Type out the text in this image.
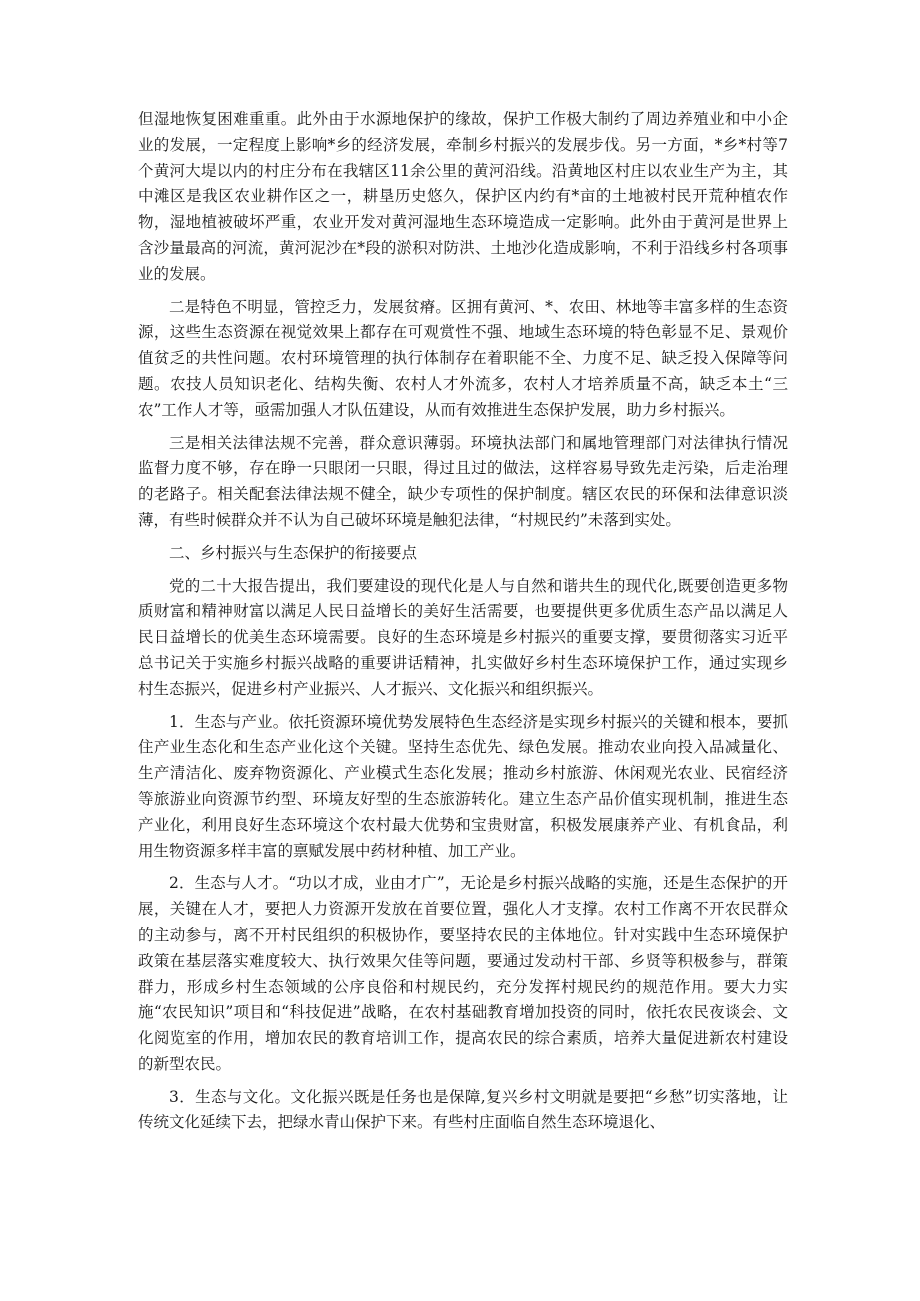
但湿地恢复困难重重。此外由于水源地保护的缘故，保护工作极大制约了周边养殖业和中小企业的发展，一定程度上影响*乡的经济发展，牵制乡村振兴的发展步伐。另一方面，*乡*村等7个黄河大堤以内的村庄分布在我辖区11余公里的黄河沿线。沿黄地区村庄以农业生产为主，其中滩区是我区农业耕作区之一，耕垦历史悠久，保护区内约有*亩的土地被村民开荒种植农作物，湿地植被破坏严重，农业开发对黄河湿地生态环境造成一定影响。此外由于黄河是世界上含沙量最高的河流，黄河泥沙在*段的淤积对防洪、土地沙化造成影响，不利于沿线乡村各项事业的发展。

二是特色不明显，管控乏力，发展贫瘠。区拥有黄河、*、农田、林地等丰富多样的生态资源，这些生态资源在视觉效果上都存在可观赏性不强、地域生态环境的特色彰显不足、景观价值贫乏的共性问题。农村环境管理的执行体制存在着职能不全、力度不足、缺乏投入保障等问题。农技人员知识老化、结构失衡、农村人才外流多，农村人才培养质量不高，缺乏本土“三农”工作人才等，亟需加强人才队伍建设，从而有效推进生态保护发展，助力乡村振兴。

三是相关法律法规不完善，群众意识薄弱。环境执法部门和属地管理部门对法律执行情况监督力度不够，存在睁一只眼闭一只眼，得过且过的做法，这样容易导致先走污染，后走治理的老路子。相关配套法律法规不健全，缺少专项性的保护制度。辖区农民的环保和法律意识淡薄，有些时候群众并不认为自己破坏环境是触犯法律，“村规民约”未落到实处。

二、乡村振兴与生态保护的衔接要点

党的二十大报告提出，我们要建设的现代化是人与自然和谐共生的现代化,既要创造更多物质财富和精神财富以满足人民日益增长的美好生活需要，也要提供更多优质生态产品以满足人民日益增长的优美生态环境需要。良好的生态环境是乡村振兴的重要支撑，要贯彻落实习近平总书记关于实施乡村振兴战略的重要讲话精神，扎实做好乡村生态环境保护工作，通过实现乡村生态振兴，促进乡村产业振兴、人才振兴、文化振兴和组织振兴。

1．生态与产业。依托资源环境优势发展特色生态经济是实现乡村振兴的关键和根本，要抓住产业生态化和生态产业化这个关键。坚持生态优先、绿色发展。推动农业向投入品减量化、生产清洁化、废弃物资源化、产业模式生态化发展；推动乡村旅游、休闲观光农业、民宿经济等旅游业向资源节约型、环境友好型的生态旅游转化。建立生态产品价值实现机制，推进生态产业化，利用良好生态环境这个农村最大优势和宝贵财富，积极发展康养产业、有机食品，利用生物资源多样丰富的禀赋发展中药材种植、加工产业。

2．生态与人才。“功以才成，业由才广”，无论是乡村振兴战略的实施，还是生态保护的开展，关键在人才，要把人力资源开发放在首要位置，强化人才支撑。农村工作离不开农民群众的主动参与，离不开村民组织的积极协作，要坚持农民的主体地位。针对实践中生态环境保护政策在基层落实难度较大、执行效果欠佳等问题，要通过发动村干部、乡贤等积极参与，群策群力，形成乡村生态领域的公序良俗和村规民约，充分发挥村规民约的规范作用。要大力实施“农民知识”项目和“科技促进”战略，在农村基础教育增加投资的同时，依托农民夜谈会、文化阅览室的作用，增加农民的教育培训工作，提高农民的综合素质，培养大量促进新农村建设的新型农民。

3．生态与文化。文化振兴既是任务也是保障,复兴乡村文明就是要把“乡愁”切实落地，让传统文化延续下去，把绿水青山保护下来。有些村庄面临自然生态环境退化、
